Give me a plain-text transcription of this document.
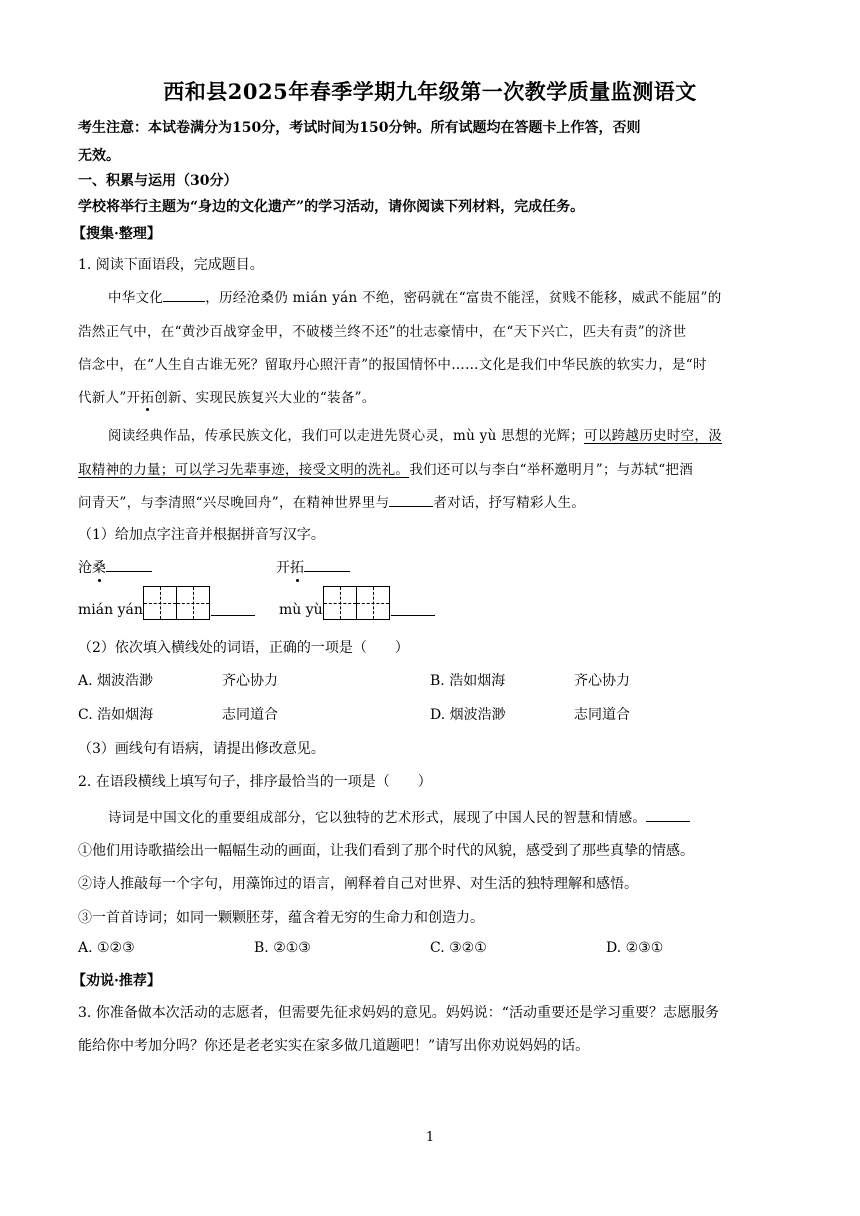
西和县2025年春季学期九年级第一次教学质量监测语文
考生注意：本试卷满分为150分，考试时间为150分钟。所有试题均在答题卡上作答，否则
无效。
一、积累与运用（30分）
学校将举行主题为“身边的文化遗产”的学习活动，请你阅读下列材料，完成任务。
【搜集·整理】
1. 阅读下面语段，完成题目。
中华文化	，历经沧桑仍 mián yán 不绝，密码就在“富贵不能淫，贫贱不能移，威武不能屈”的
浩然正气中，在“黄沙百战穿金甲，不破楼兰终不还”的壮志豪情中，在“天下兴亡，匹夫有责”的济世
信念中，在“人生自古谁无死？留取丹心照汗青”的报国情怀中……文化是我们中华民族的软实力，是“时
代新人”开拓创新、实现民族复兴大业的“装备”。
阅读经典作品，传承民族文化，我们可以走进先贤心灵，mù yù 思想的光辉；可以跨越历史时空，汲
取精神的力量；可以学习先辈事迹，接受文明的洗礼。我们还可以与李白“举杯邀明月”；与苏轼“把酒
问青天”，与李清照“兴尽晚回舟”，在精神世界里与	者对话，抒写精彩人生。
（1）给加点字注音并根据拼音写汉字。
沧桑	开拓
mián yán	mù yù
（2）依次填入横线处的词语，正确的一项是（　　）
A. 烟波浩渺	齐心协力	B. 浩如烟海	齐心协力
C. 浩如烟海	志同道合	D. 烟波浩渺	志同道合
（3）画线句有语病，请提出修改意见。
2. 在语段横线上填写句子，排序最恰当的一项是（　　）
诗词是中国文化的重要组成部分，它以独特的艺术形式，展现了中国人民的智慧和情感。
①他们用诗歌描绘出一幅幅生动的画面，让我们看到了那个时代的风貌，感受到了那些真挚的情感。
②诗人推敲每一个字句，用藻饰过的语言，阐释着自己对世界、对生活的独特理解和感悟。
③一首首诗词；如同一颗颗胚芽，蕴含着无穷的生命力和创造力。
A. ①②③	B. ②①③	C. ③②①	D. ②③①
【劝说·推荐】
3. 你准备做本次活动的志愿者，但需要先征求妈妈的意见。妈妈说：“活动重要还是学习重要？志愿服务
能给你中考加分吗？你还是老老实实在家多做几道题吧！”请写出你劝说妈妈的话。
1
